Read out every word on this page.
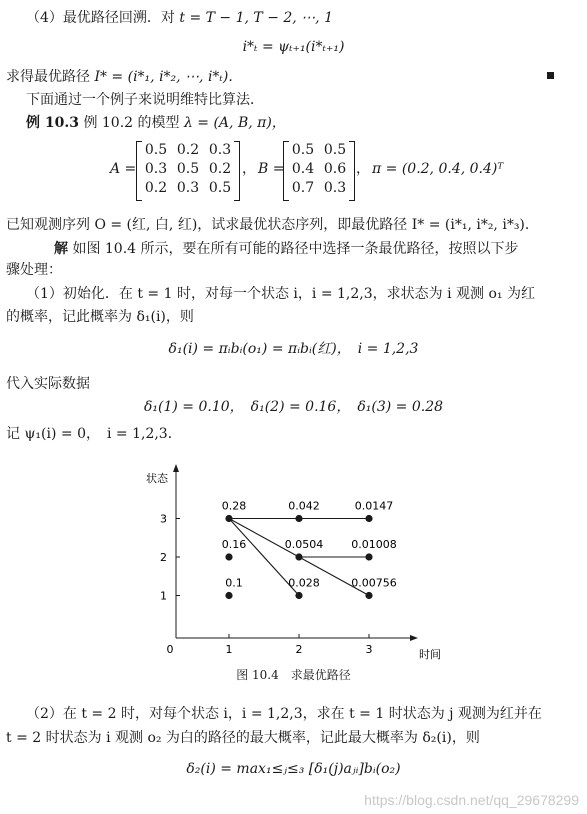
（4）最优路径回溯．对 t = T − 1, T − 2, ⋯, 1
i*ₜ = ψₜ₊₁(i*ₜ₊₁)
求得最优路径 I* = (i*₁, i*₂, ⋯, i*ₜ).
下面通过一个例子来说明维特比算法．
例 10.3 例 10.2 的模型 λ = (A, B, π)，
A =
0.5 0.2 0.3
0.3 0.5 0.2
0.2 0.3 0.5
， B =
0.5 0.5
0.4 0.6
0.7 0.3
， π = (0.2, 0.4, 0.4)ᵀ
已知观测序列 O = (红, 白, 红)，试求最优状态序列，即最优路径 I* = (i*₁, i*₂, i*₃)．
解 如图 10.4 所示，要在所有可能的路径中选择一条最优路径，按照以下步
骤处理：
（1）初始化．在 t = 1 时，对每一个状态 i，i = 1,2,3，求状态为 i 观测 o₁ 为红
的概率，记此概率为 δ₁(i)，则
δ₁(i) = πᵢbᵢ(o₁) = πᵢbᵢ(红)，　i = 1,2,3
代入实际数据
δ₁(1) = 0.10，　δ₁(2) = 0.16，　δ₁(3) = 0.28
记 ψ₁(i) = 0，　i = 1,2,3．
状态
时间
0	1	2	3
1
2
3
0.28
0.16
0.1
0.042
0.0504
0.028
0.0147
0.01008
0.00756
图 10.4　求最优路径
（2）在 t = 2 时，对每个状态 i，i = 1,2,3，求在 t = 1 时状态为 j 观测为红并在
t = 2 时状态为 i 观测 o₂ 为白的路径的最大概率，记此最大概率为 δ₂(i)，则
δ₂(i) = max₁≤ⱼ≤₃ [δ₁(j)aⱼᵢ]bᵢ(o₂)
https://blog.csdn.net/qq_29678299
